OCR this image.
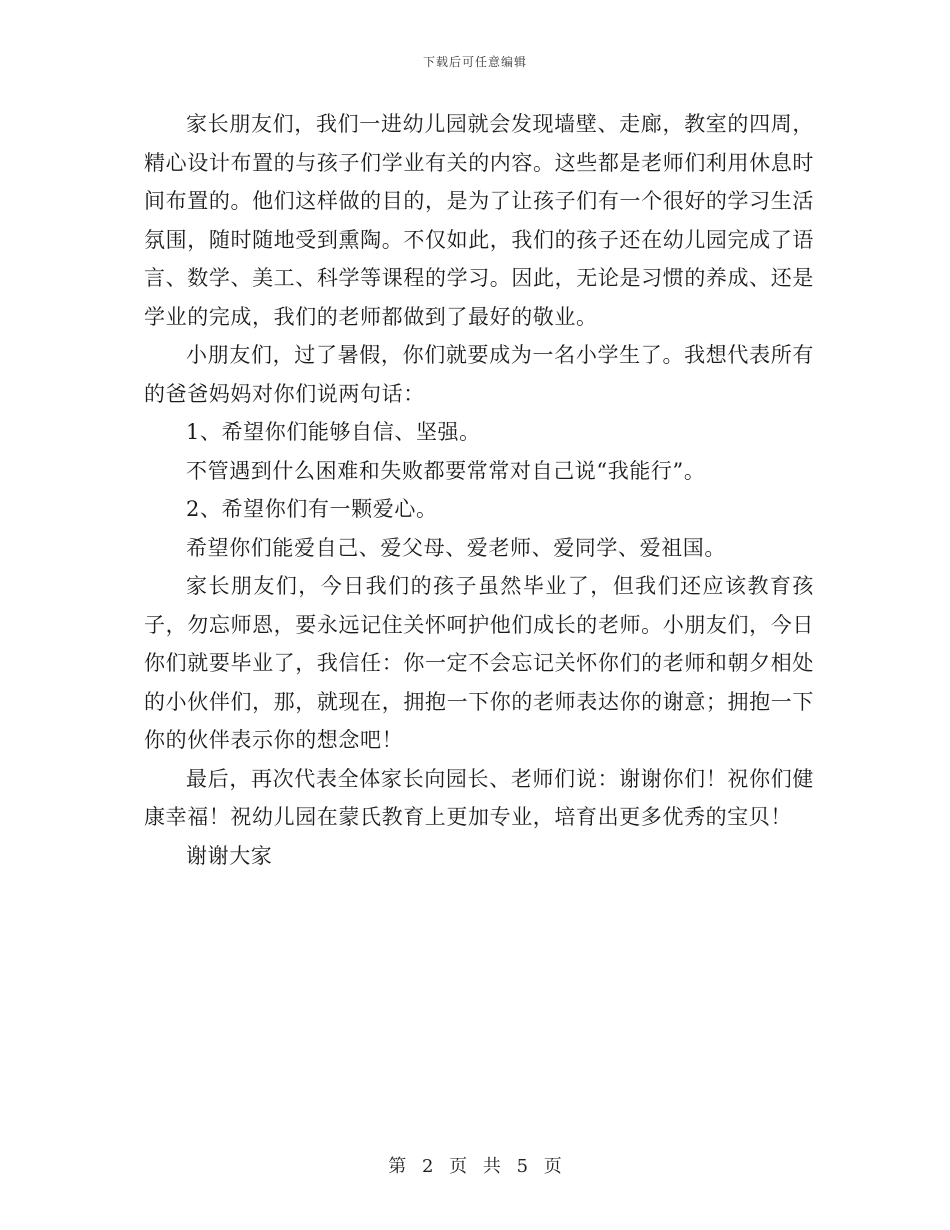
下载后可任意编辑

家长朋友们，我们一进幼儿园就会发现墙壁、走廊，教室的四周，精心设计布置的与孩子们学业有关的内容。这些都是老师们利用休息时间布置的。他们这样做的目的，是为了让孩子们有一个很好的学习生活氛围，随时随地受到熏陶。不仅如此，我们的孩子还在幼儿园完成了语言、数学、美工、科学等课程的学习。因此，无论是习惯的养成、还是学业的完成，我们的老师都做到了最好的敬业。

小朋友们，过了暑假，你们就要成为一名小学生了。我想代表所有的爸爸妈妈对你们说两句话：

1、希望你们能够自信、坚强。

不管遇到什么困难和失败都要常常对自己说“我能行”。

2、希望你们有一颗爱心。

希望你们能爱自己、爱父母、爱老师、爱同学、爱祖国。

家长朋友们，今日我们的孩子虽然毕业了，但我们还应该教育孩子，勿忘师恩，要永远记住关怀呵护他们成长的老师。小朋友们，今日你们就要毕业了，我信任：你一定不会忘记关怀你们的老师和朝夕相处的小伙伴们，那，就现在，拥抱一下你的老师表达你的谢意；拥抱一下你的伙伴表示你的想念吧！

最后，再次代表全体家长向园长、老师们说：谢谢你们！祝你们健康幸福！祝幼儿园在蒙氏教育上更加专业，培育出更多优秀的宝贝！

谢谢大家

第 2 页 共 5 页
